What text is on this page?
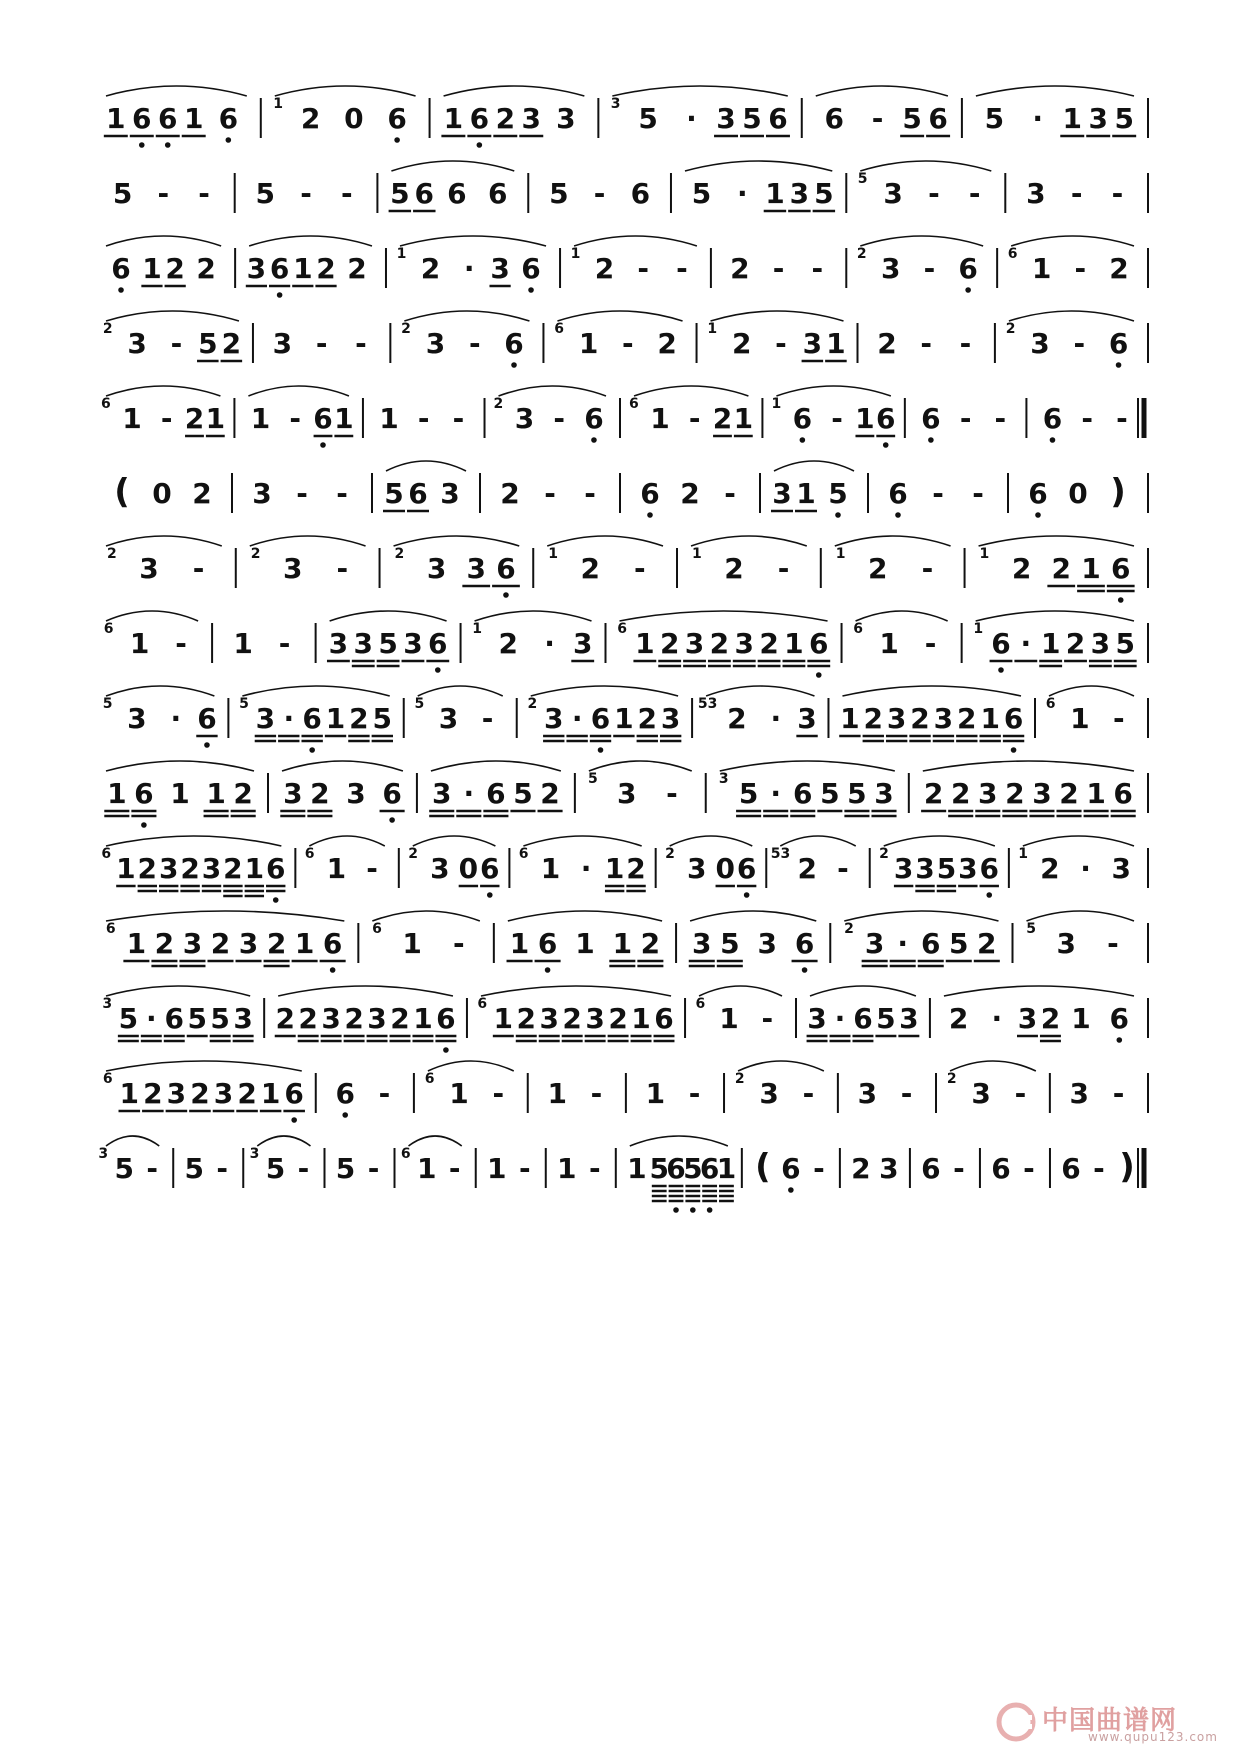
1 6 6 1 6	1 2 0 6 1 6 2 3 3	3 5 · 3 5 6 6 - 5 6 5 · 1 3 5
5 - - 5 - - 5 6 6 6 5 - 6 5 · 1 3 5 5 3 - - 3 - -
6 1 2 2 3 6 1 2 2 1 2 · 3 6 1 2 - - 2 - - 2 3 - 6 6 1 - 2
2 3 - 5 2 3 - - 2 3 - 6 6 1 - 2 1 2 - 3 1 2 - - 2 3 - 6
6 1 - 2 1 1 - 6 1 1 - - 2 3 - 6 6 1 - 2 1 1 6 - 1 6 6 - - 6 - -
( 0 2 3 - - 5 6 3 2 - - 6 2 - 3 1 5 6 - - 6 0 )
2 3 -	2 3 -	2 3 3 6 1 2 -	1 2 -	1 2 -	1 2 2 1 6
6 1 - 1 - 3 3 5 3 6 1 2 · 3 6 1 2 3 2 3 2 1 6 6 1 -	1 6 · 1 2 3 5
5 3 · 6 5 3 · 6 1 2 5 5 3 - 2 3 · 6 1 2 3 53 2 · 3 1 2 3 2 3 2 1 6 6 1 -
1 6 1 1 2 3 2 3 6 3 · 6 5 2 5 3 -	3 5 · 6 5 5 3 2 2 3 2 3 2 1 6
6 1 2 3 2 3 2 1 6 6 1 - 2 3 0 6 6 1 · 1 2 2 3 0 6 53 2 - 2 3 3 5 3 6 1 2 · 3
6 1 2 3 2 3 2 1 6 6 1 - 1 6 1 1 2 3 5 3 6 2 3 · 6 5 2 5 3 -
3 5 · 6 5 5 3 2 2 3 2 3 2 1 6 6 1 2 3 2 3 2 1 6 6 1 - 3 · 6 5 3 2 · 3 2 1 6
6 1 2 3 2 3 2 1 6 6 - 6 1 - 1 - 1 - 2 3 - 3 - 2 3 - 3 -
3 5 - 5 - 3 5 - 5 - 6 1 - 1 - 1 - 1 5
6
5
6
1 ( 6 - 2 3 6 - 6 - 6 - )
中国曲谱网
www.qupu123.com
